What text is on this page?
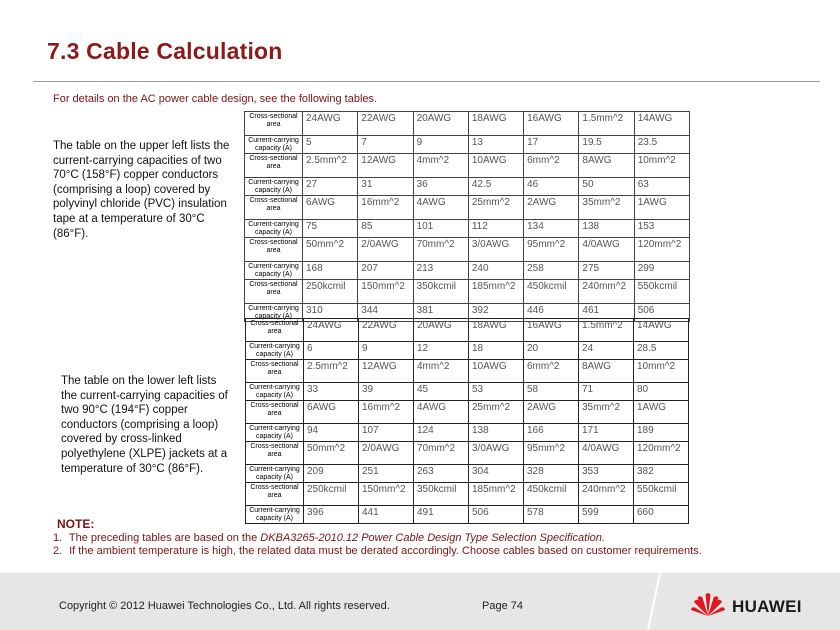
7.3 Cable Calculation
For details on the AC power cable design, see the following tables.
The table on the upper left lists the current-carrying capacities of two 70°C (158°F) copper conductors (comprising a loop) covered by polyvinyl chloride (PVC) insulation tape at a temperature of 30°C (86°F).
The table on the lower left lists the current-carrying capacities of two 90°C (194°F) copper conductors (comprising a loop) covered by cross-linked polyethylene (XLPE) jackets at a temperature of 30°C (86°F).
Cross-sectional area	24AWG	22AWG	20AWG	18AWG	16AWG	1.5mm^2	14AWG
Current-carrying capacity (A)	5	7	9	13	17	19.5	23.5
Cross-sectional area	2.5mm^2	12AWG	4mm^2	10AWG	6mm^2	8AWG	10mm^2
Current-carrying capacity (A)	27	31	36	42.5	46	50	63
Cross-sectional area	6AWG	16mm^2	4AWG	25mm^2	2AWG	35mm^2	1AWG
Current-carrying capacity (A)	75	85	101	112	134	138	153
Cross-sectional area	50mm^2	2/0AWG	70mm^2	3/0AWG	95mm^2	4/0AWG	120mm^2
Current-carrying capacity (A)	168	207	213	240	258	275	299
Cross-sectional area	250kcmil	150mm^2	350kcmil	185mm^2	450kcmil	240mm^2	550kcmil
Current-carrying capacity (A)	310	344	381	392	446	461	506
Cross-sectional area	24AWG	22AWG	20AWG	18AWG	16AWG	1.5mm^2	14AWG
Current-carrying capacity (A)	6	9	12	18	20	24	28.5
Cross-sectional area	2.5mm^2	12AWG	4mm^2	10AWG	6mm^2	8AWG	10mm^2
Current-carrying capacity (A)	33	39	45	53	58	71	80
Cross-sectional area	6AWG	16mm^2	4AWG	25mm^2	2AWG	35mm^2	1AWG
Current-carrying capacity (A)	94	107	124	138	166	171	189
Cross-sectional area	50mm^2	2/0AWG	70mm^2	3/0AWG	95mm^2	4/0AWG	120mm^2
Current-carrying capacity (A)	209	251	263	304	328	353	382
Cross-sectional area	250kcmil	150mm^2	350kcmil	185mm^2	450kcmil	240mm^2	550kcmil
Current-carrying capacity (A)	396	441	491	506	578	599	660
NOTE:
1. The preceding tables are based on the DKBA3265-2010.12 Power Cable Design Type Selection Specification.
2. If the ambient temperature is high, the related data must be derated accordingly. Choose cables based on customer requirements.
Copyright © 2012 Huawei Technologies Co., Ltd. All rights reserved.	Page 74	HUAWEI
